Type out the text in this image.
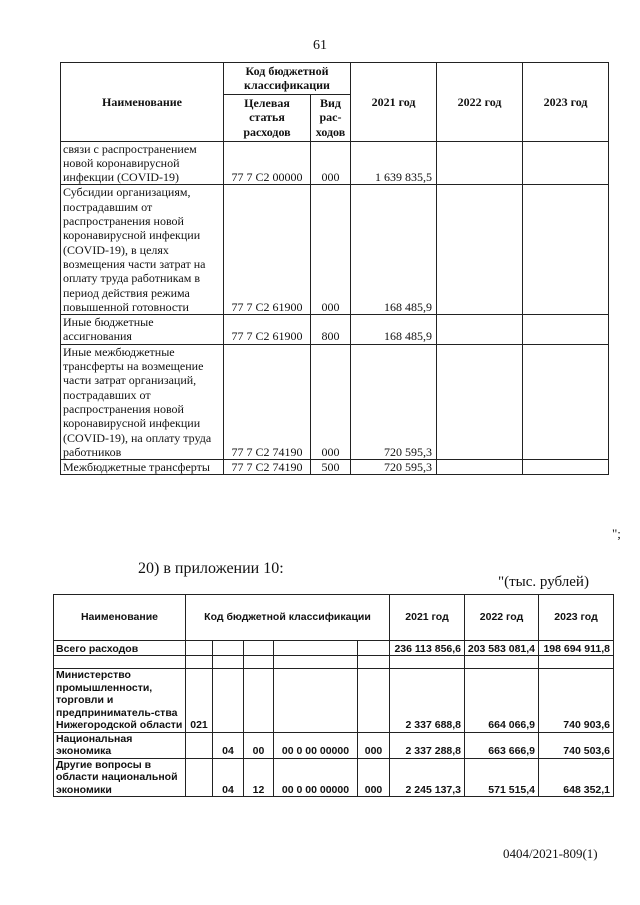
61
Наименование	Код бюджетной классификации		2021 год	2022 год	2023 год
	Целевая статья расходов	Вид рас-ходов			
связи с распространением новой коронавирусной инфекции (COVID-19)	77 7 С2 00000	000	1 639 835,5		
Субсидии организациям, пострадавшим от распространения новой коронавирусной инфекции (COVID-19), в целях возмещения части затрат на оплату труда работникам в период действия режима повышенной готовности	77 7 С2 61900	000	168 485,9		
Иные бюджетные ассигнования	77 7 С2 61900	800	168 485,9		
Иные межбюджетные трансферты на возмещение части затрат организаций, пострадавших от распространения новой коронавирусной инфекции (COVID-19), на оплату труда работников	77 7 С2 74190	000	720 595,3		
Межбюджетные трансферты	77 7 С2 74190	500	720 595,3		
";
20) в приложении 10:
"(тыс. рублей)
Наименование	Код бюджетной классификации					2021 год	2022 год	2023 год
Всего расходов						236 113 856,6	203 583 081,4	198 694 911,8

Министерство промышленности, торговли и предприниматель-ства Нижегородской области	021					2 337 688,8	664 066,9	740 903,6
Национальная экономика		04	00	00 0 00 00000	000	2 337 288,8	663 666,9	740 503,6
Другие вопросы в области национальной экономики		04	12	00 0 00 00000	000	2 245 137,3	571 515,4	648 352,1
0404/2021-809(1)
